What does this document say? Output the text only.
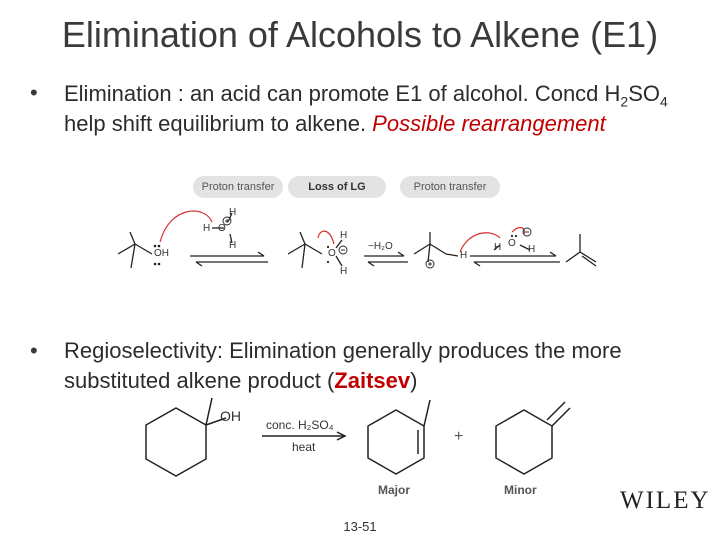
Elimination of Alcohols to Alkene (E1)
• Elimination : an acid can promote E1 of alcohol. Concd $H_2SO_4$ help shift equilibrium to alkene. Possible rearrangement
Proton transfer	Loss of LG	Proton transfer
OH
H
H O
H
O
H
H
−H₂O
H
H O
H
• Regioselectivity: Elimination generally produces the more substituted alkene product (Zaitsev)
OH
conc. H₂SO₄
heat
+
Major	Minor
13-51
WILEY
